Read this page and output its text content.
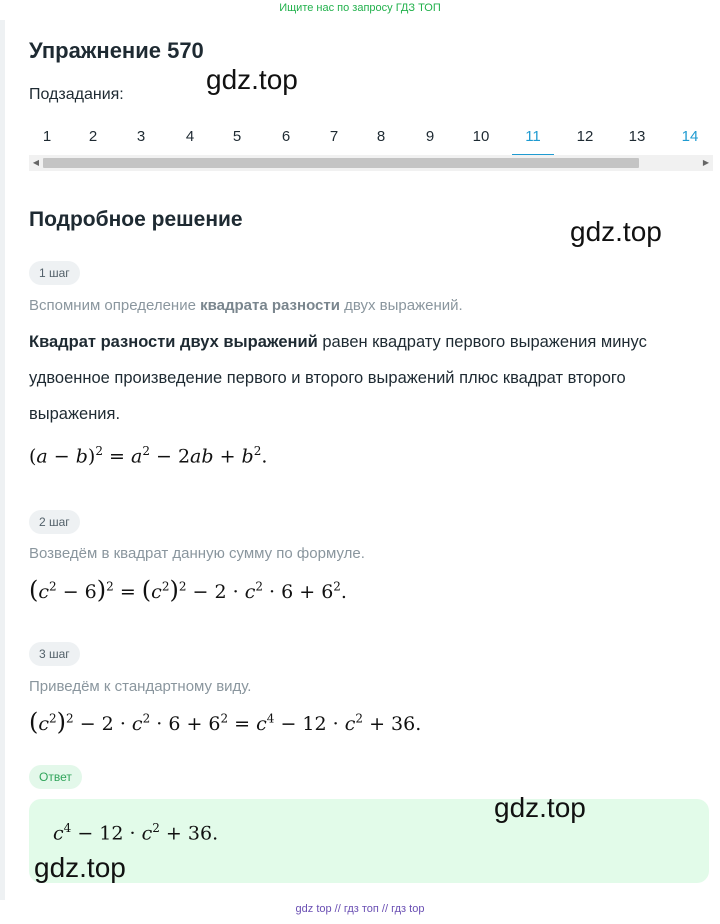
Ищите нас по запросу ГДЗ ТОП
Упражнение 570
Подзадания:
1	2	3	4	5	6	7	8	9	10	11	12	13	14
◀	▶
Подробное решение
1 шаг
Вспомним определение квадрата разности двух выражений.
Квадрат разности двух выражений равен квадрату первого выражения минус удвоенное произведение первого и второго выражений плюс квадрат второго выражения.
$(a - b)^2 = a^2 - 2ab + b^2$.
2 шаг
Возведём в квадрат данную сумму по формуле.
$(c^2 - 6)^2 = (c^2)^2 - 2 \cdot c^2 \cdot 6 + 6^2$.
3 шаг
Приведём к стандартному виду.
$(c^2)^2 - 2 \cdot c^2 \cdot 6 + 6^2 = c^4 - 12 \cdot c^2 + 36$.
Ответ
$c^4 - 12 \cdot c^2 + 36$.
gdz.top
gdz.top
gdz.top
gdz.top
gdz top // гдз топ // гдз top
